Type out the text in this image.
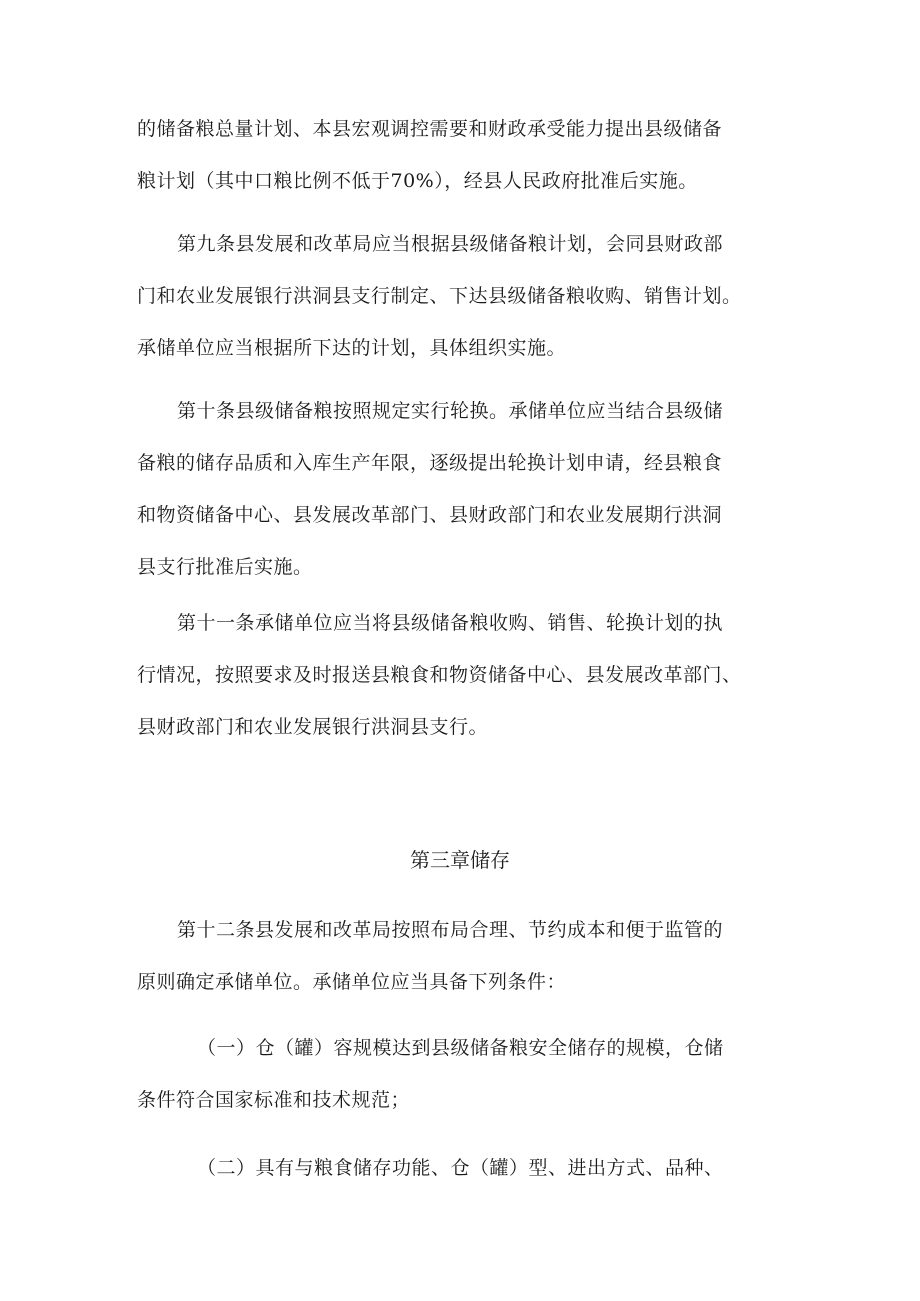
的储备粮总量计划、本县宏观调控需要和财政承受能力提出县级储备
粮计划（其中口粮比例不低于70%），经县人民政府批准后实施。

第九条县发展和改革局应当根据县级储备粮计划，会同县财政部
门和农业发展银行洪洞县支行制定、下达县级储备粮收购、销售计划。
承储单位应当根据所下达的计划，具体组织实施。

第十条县级储备粮按照规定实行轮换。承储单位应当结合县级储
备粮的储存品质和入库生产年限，逐级提出轮换计划申请，经县粮食
和物资储备中心、县发展改革部门、县财政部门和农业发展期行洪洞
县支行批准后实施。

第十一条承储单位应当将县级储备粮收购、销售、轮换计划的执
行情况，按照要求及时报送县粮食和物资储备中心、县发展改革部门、
县财政部门和农业发展银行洪洞县支行。

第三章储存

第十二条县发展和改革局按照布局合理、节约成本和便于监管的
原则确定承储单位。承储单位应当具备下列条件：

（一）仓（罐）容规模达到县级储备粮安全储存的规模，仓储
条件符合国家标准和技术规范；

（二）具有与粮食储存功能、仓（罐）型、进出方式、品种、
